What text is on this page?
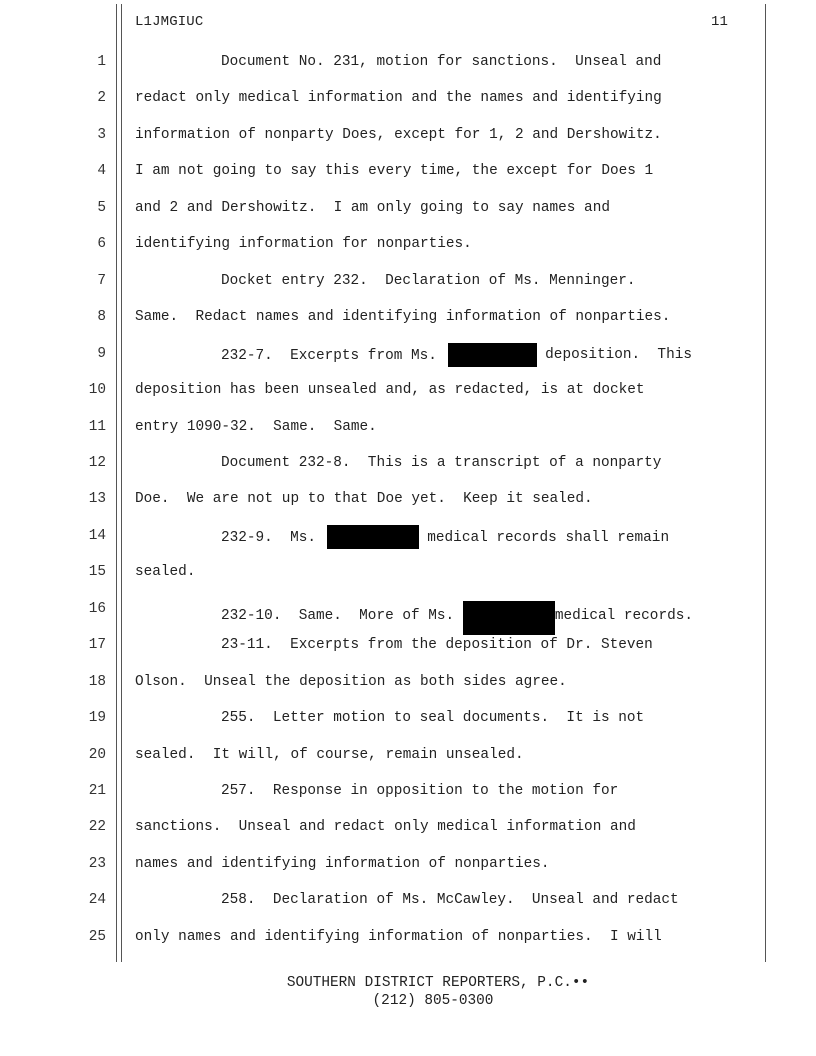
L1JMGIUC	11
1	Document No. 231, motion for sanctions.  Unseal and
2 redact only medical information and the names and identifying
3 information of nonparty Does, except for 1, 2 and Dershowitz.
4 I am not going to say this every time, the except for Does 1
5 and 2 and Dershowitz.  I am only going to say names and
6 identifying information for nonparties.
7	Docket entry 232.  Declaration of Ms. Menninger.
8 Same.  Redact names and identifying information of nonparties.
9	232-7.  Excerpts from Ms.	deposition.  This
10 deposition has been unsealed and, as redacted, is at docket
11 entry 1090-32.  Same.  Same.
12	Document 232-8.  This is a transcript of a nonparty
13 Doe.  We are not up to that Doe yet.  Keep it sealed.
14	232-9.  Ms.	medical records shall remain
15 sealed.
16	232-10.  Same.  More of Ms.	medical records.
17	23-11.  Excerpts from the deposition of Dr. Steven
18 Olson.  Unseal the deposition as both sides agree.
19	255.  Letter motion to seal documents.  It is not
20 sealed.  It will, of course, remain unsealed.
21	257.  Response in opposition to the motion for
22 sanctions.  Unseal and redact only medical information and
23 names and identifying information of nonparties.
24	258.  Declaration of Ms. McCawley.  Unseal and redact
25 only names and identifying information of nonparties.  I will
SOUTHERN DISTRICT REPORTERS, P.C.••
(212) 805-0300
